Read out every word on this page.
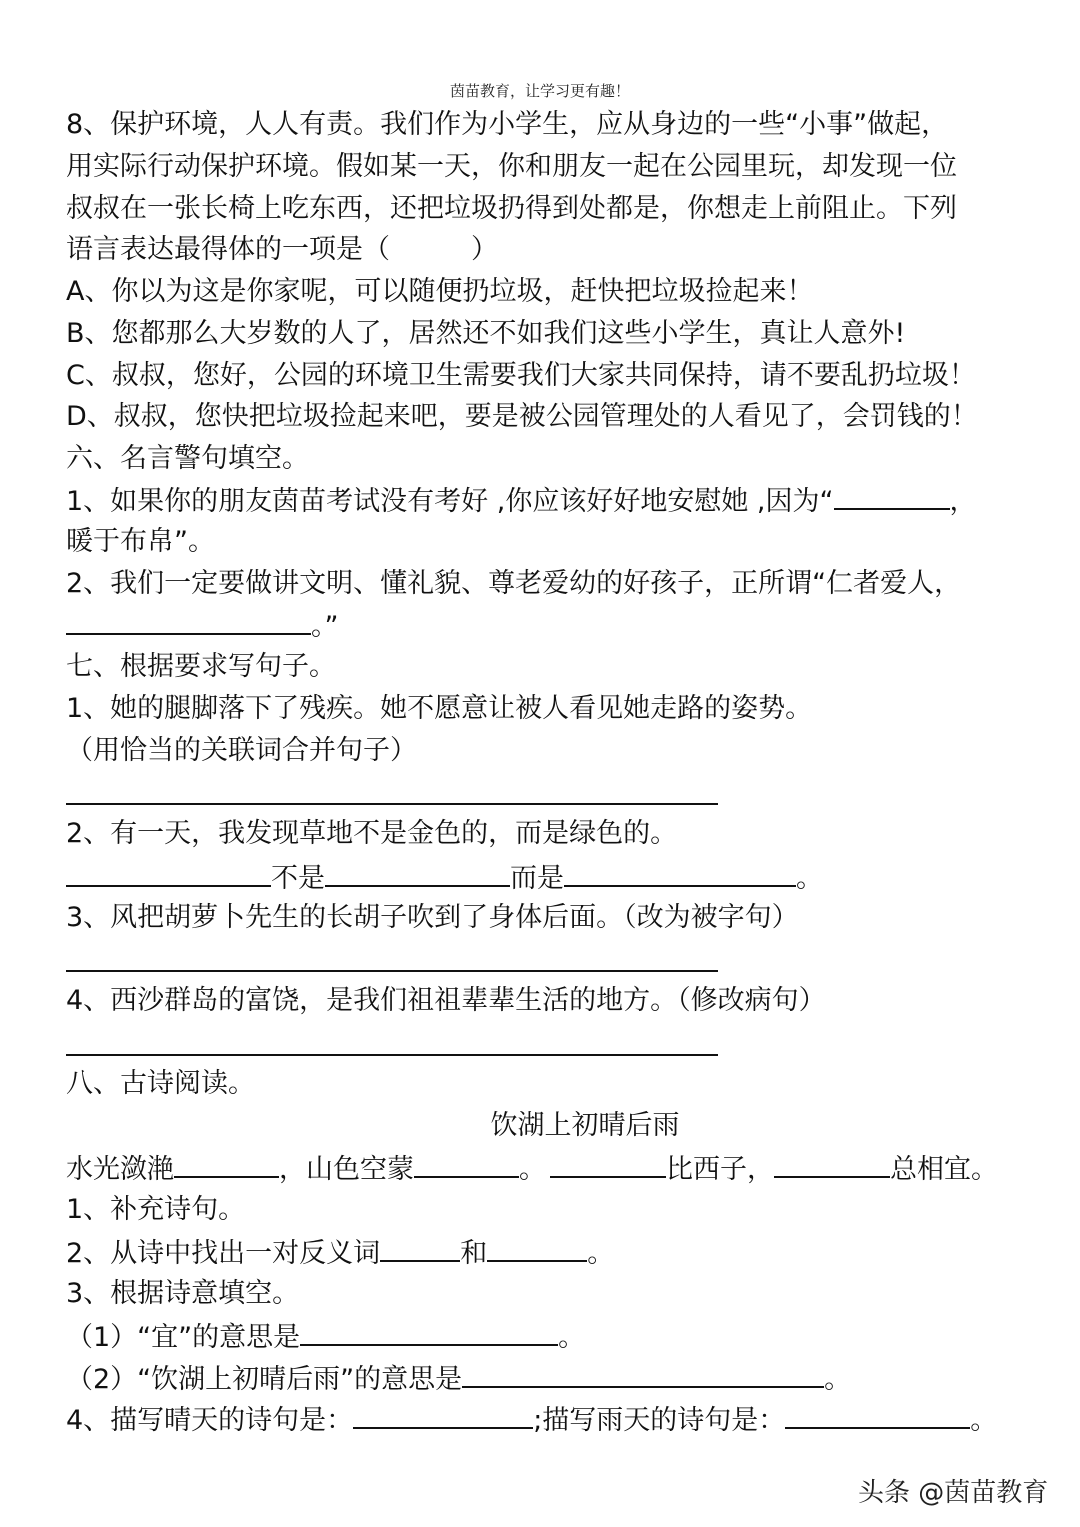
茵苗教育，让学习更有趣！
8、保护环境，人人有责。我们作为小学生，应从身边的一些“小事”做起，
用实际行动保护环境。假如某一天，你和朋友一起在公园里玩，却发现一位
叔叔在一张长椅上吃东西，还把垃圾扔得到处都是，你想走上前阻止。下列
语言表达最得体的一项是（　　　）
A、你以为这是你家呢，可以随便扔垃圾，赶快把垃圾捡起来！
B、您都那么大岁数的人了，居然还不如我们这些小学生，真让人意外!
C、叔叔，您好，公园的环境卫生需要我们大家共同保持，请不要乱扔垃圾！
D、叔叔，您快把垃圾捡起来吧，要是被公园管理处的人看见了，会罚钱的！
六、名言警句填空。
1、如果你的朋友茵苗考试没有考好 ,你应该好好地安慰她 ,因为“	，
暖于布帛”。
2、我们一定要做讲文明、懂礼貌、尊老爱幼的好孩子，正所谓“仁者爱人，
。”
七、根据要求写句子。
1、她的腿脚落下了残疾。她不愿意让被人看见她走路的姿势。
（用恰当的关联词合并句子）
2、有一天，我发现草地不是金色的，而是绿色的。
不是	而是	。
3、风把胡萝卜先生的长胡子吹到了身体后面。（改为被字句）
4、西沙群岛的富饶，是我们祖祖辈辈生活的地方。（修改病句）
八、古诗阅读。
饮湖上初晴后雨
水光潋滟	，山色空蒙	。	比西子，	总相宜。
1、补充诗句。
2、从诗中找出一对反义词	和	。
3、根据诗意填空。
（1）“宜”的意思是	。
（2）“饮湖上初晴后雨”的意思是	。
4、描写晴天的诗句是：	;描写雨天的诗句是：	。
头条 @茵苗教育
